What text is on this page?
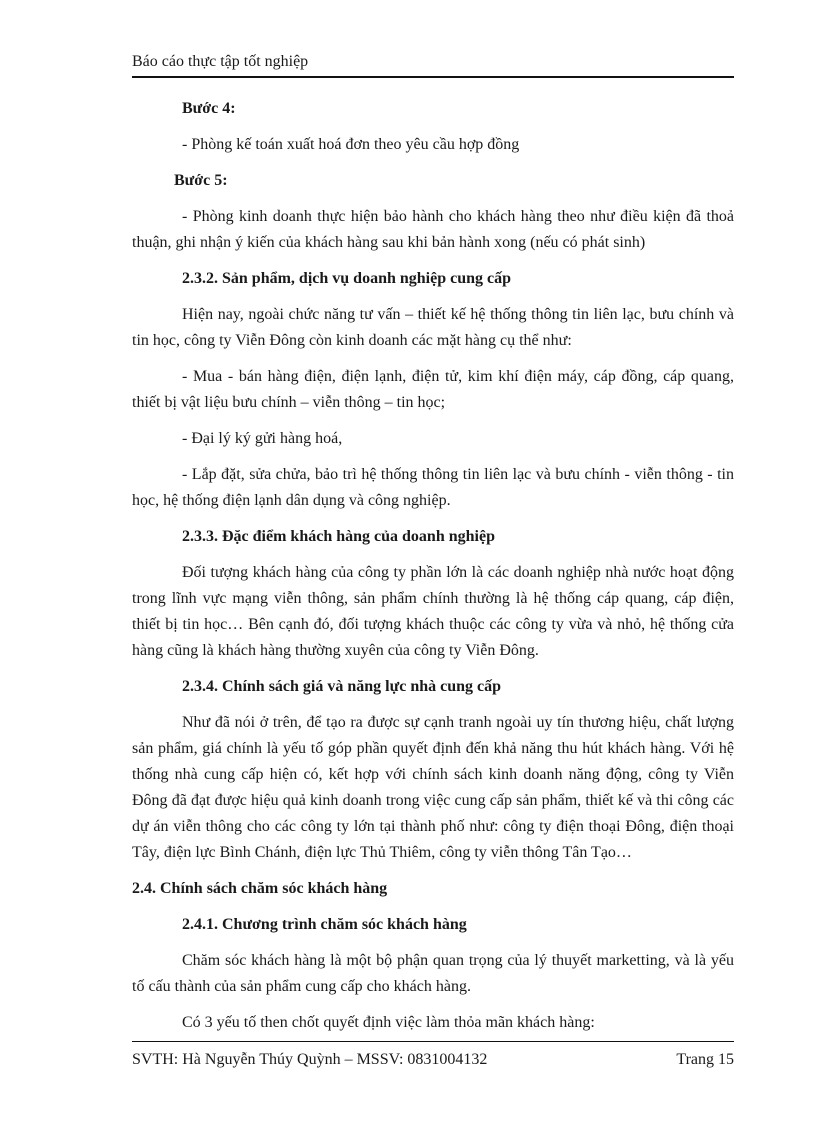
Báo cáo thực tập tốt nghiệp

Bước 4:

- Phòng kế toán xuất hoá đơn theo yêu cầu hợp đồng

Bước 5:

- Phòng kinh doanh thực hiện bảo hành cho khách hàng theo như điều kiện đã thoả thuận, ghi nhận ý kiến của khách hàng sau khi bản hành xong (nếu có phát sinh)

2.3.2. Sản phẩm, dịch vụ doanh nghiệp cung cấp

Hiện nay, ngoài chức năng tư vấn – thiết kế hệ thống thông tin liên lạc, bưu chính và tin học, công ty Viễn Đông còn kinh doanh các mặt hàng cụ thể như:

- Mua - bán hàng điện, điện lạnh, điện tử, kim khí điện máy, cáp đồng, cáp quang, thiết bị vật liệu bưu chính – viễn thông – tin học;

- Đại lý ký gửi hàng hoá,

- Lắp đặt, sửa chửa, bảo trì hệ thống thông tin liên lạc và bưu chính - viễn thông - tin học, hệ thống điện lạnh dân dụng và công nghiệp.

2.3.3. Đặc điểm khách hàng của doanh nghiệp

Đối tượng khách hàng của công ty phần lớn là các doanh nghiệp nhà nước hoạt động trong lĩnh vực mạng viễn thông, sản phẩm chính thường là hệ thống cáp quang, cáp điện, thiết bị tin học… Bên cạnh đó, đối tượng khách thuộc các công ty vừa và nhỏ, hệ thống cửa hàng cũng là khách hàng thường xuyên của công ty Viễn Đông.

2.3.4. Chính sách giá và năng lực nhà cung cấp

Như đã nói ở trên, để tạo ra được sự cạnh tranh ngoài uy tín thương hiệu, chất lượng sản phẩm, giá chính là yếu tố góp phần quyết định đến khả năng thu hút khách hàng. Với hệ thống nhà cung cấp hiện có, kết hợp với chính sách kinh doanh năng động, công ty Viễn Đông đã đạt được hiệu quả kinh doanh trong việc cung cấp sản phẩm, thiết kế và thi công các dự án viễn thông cho các công ty lớn tại thành phố như: công ty điện thoại Đông, điện thoại Tây, điện lực Bình Chánh, điện lực Thủ Thiêm, công ty viễn thông Tân Tạo…

2.4. Chính sách chăm sóc khách hàng

2.4.1. Chương trình chăm sóc khách hàng

Chăm sóc khách hàng là một bộ phận quan trọng của lý thuyết marketting, và là yếu tố cấu thành của sản phẩm cung cấp cho khách hàng.

Có 3 yếu tố then chốt quyết định việc làm thỏa mãn khách hàng:

SVTH: Hà Nguyễn Thúy Quỳnh – MSSV: 0831004132	Trang 15
